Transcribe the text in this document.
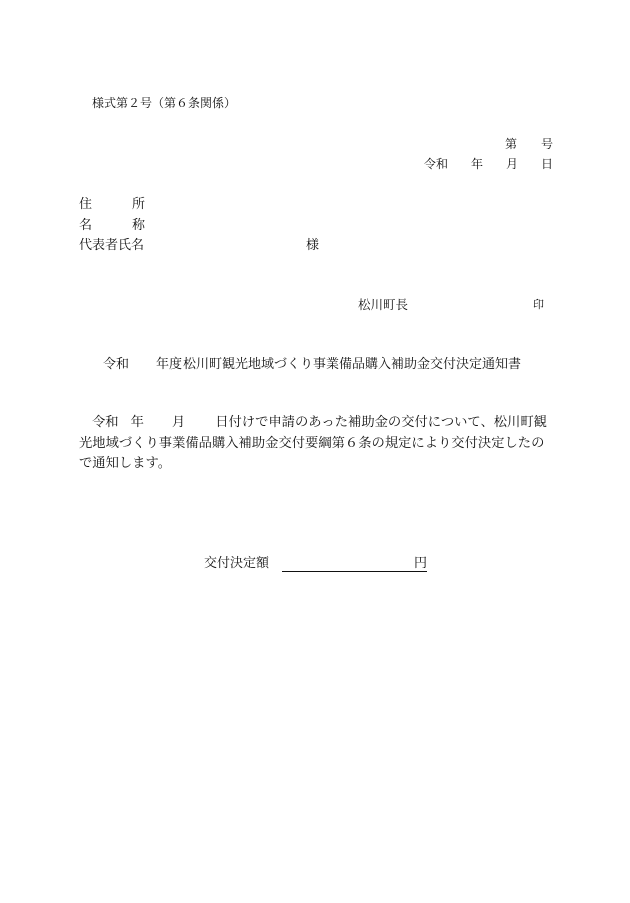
様式第２号（第６条関係）
第 号
令和 年 月 日
住	所
名	称
代表者氏名	様
松川町長	印
令和 年度 松川町観光地域づくり事業備品購入補助金交付決定通知書
令和 年 月 日付けで申請のあった補助金の交付について、松川町観光地域づくり事業備品購入補助金交付要綱第６条の規定により交付決定したので通知します。
交付決定額	円
